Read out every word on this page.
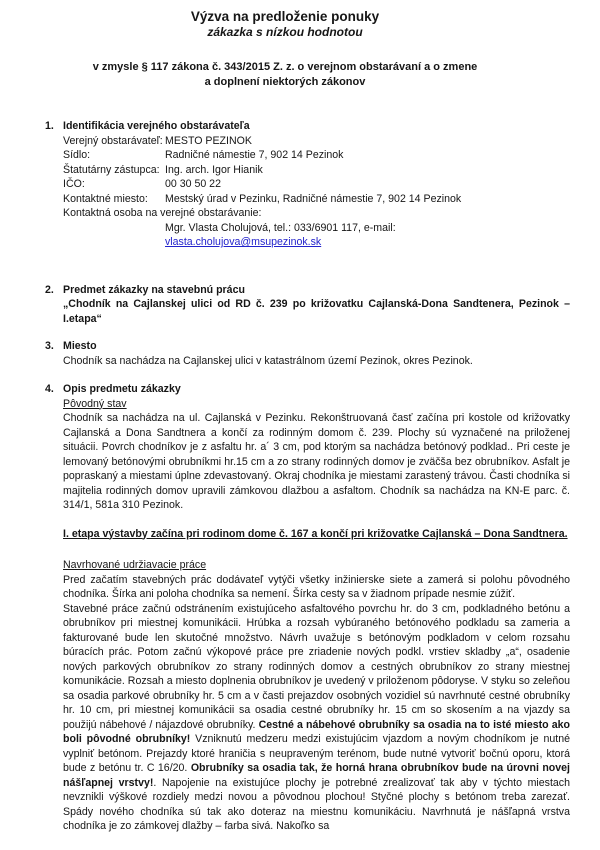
Výzva na predloženie ponuky
zákazka s nízkou hodnotou
v zmysle § 117 zákona č. 343/2015 Z. z. o verejnom obstarávaní a o zmene
a doplnení niektorých zákonov
1. Identifikácia verejného obstarávateľa
Verejný obstarávateľ: MESTO PEZINOK
Sídlo:	Radničné námestie 7, 902 14 Pezinok
Štatutárny zástupca: Ing. arch. Igor Hianik
IČO:	00 30 50 22
Kontaktné miesto:	Mestský úrad v Pezinku, Radničné námestie 7, 902 14 Pezinok
Kontaktná osoba na verejné obstarávanie:
Mgr. Vlasta Cholujová, tel.: 033/6901 117, e-mail:
vlasta.cholujova@msupezinok.sk
2. Predmet zákazky na stavebnú prácu

„Chodník na Cajlanskej ulici od RD č. 239 po križovatku Cajlanská-Dona Sandtenera, Pezinok – I.etapa“

3. Miesto

Chodník sa nachádza na Cajlanskej ulici v katastrálnom území Pezinok, okres Pezinok.

4. Opis predmetu zákazky
Pôvodný stav

Chodník sa nachádza na ul. Cajlanská v Pezinku. Rekonštruovaná časť začína pri kostole od križovatky Cajlanská a Dona Sandtnera a končí za rodinným domom č. 239. Plochy sú vyznačené na priloženej situácii. Povrch chodníkov je z asfaltu hr. a´ 3 cm, pod ktorým sa nachádza betónový podklad.. Pri ceste je lemovaný betónovými obrubníkmi hr.15 cm a zo strany rodinných domov je zväčša bez obrubníkov. Asfalt je popraskaný a miestami úplne zdevastovaný. Okraj chodníka je miestami zarastený trávou. Časti chodníka si majitelia rodinných domov upravili zámkovou dlažbou a asfaltom. Chodník sa nachádza na KN-E parc. č. 314/1, 581a 310 Pezinok.

I. etapa výstavby začína pri rodinom dome č. 167 a končí pri križovatke Cajlanská – Dona Sandtnera.

Navrhované udržiavacie práce

Pred začatím stavebných prác dodávateľ vytýči všetky inžinierske siete a zamerá si polohu pôvodného chodníka. Šírka ani poloha chodníka sa nemení. Šírka cesty sa v žiadnom prípade nesmie zúžiť.

Stavebné práce začnú odstránením existujúceho asfaltového povrchu hr. do 3 cm, podkladného betónu a obrubníkov pri miestnej komunikácii. Hrúbka a rozsah vybúraného betónového podkladu sa zameria a fakturované bude len skutočné množstvo. Návrh uvažuje s betónovým podkladom v celom rozsahu búracích prác. Potom začnú výkopové práce pre zriadenie nových podkl. vrstiev skladby „a“, osadenie nových parkových obrubníkov zo strany rodinných domov a cestných obrubníkov zo strany miestnej komunikácie. Rozsah a miesto doplnenia obrubníkov je uvedený v priloženom pôdoryse. V styku so zeleňou sa osadia parkové obrubníky hr. 5 cm a v časti prejazdov osobných vozidiel sú navrhnuté cestné obrubníky hr. 10 cm, pri miestnej komunikácii sa osadia cestné obrubníky hr. 15 cm so skosením a na vjazdy sa použijú nábehové / nájazdové obrubníky. Cestné a nábehové obrubníky sa osadia na to isté miesto ako boli pôvodné obrubníky! Vzniknutú medzeru medzi existujúcim vjazdom a novým chodníkom je nutné vyplniť betónom. Prejazdy ktoré hraničia s neupraveným terénom, bude nutné vytvoriť bočnú oporu, ktorá bude z betónu tr. C 16/20. Obrubníky sa osadia tak, že horná hrana obrubníkov bude na úrovni novej nášľapnej vrstvy!. Napojenie na existujúce plochy je potrebné zrealizovať tak aby v týchto miestach nevznikli výškové rozdiely medzi novou a pôvodnou plochou! Styčné plochy s betónom treba zarezať. Spády nového chodníka sú tak ako doteraz na miestnu komunikáciu. Navrhnutá je nášľapná vrstva chodníka je zo zámkovej dlažby – farba sivá. Nakoľko sa
